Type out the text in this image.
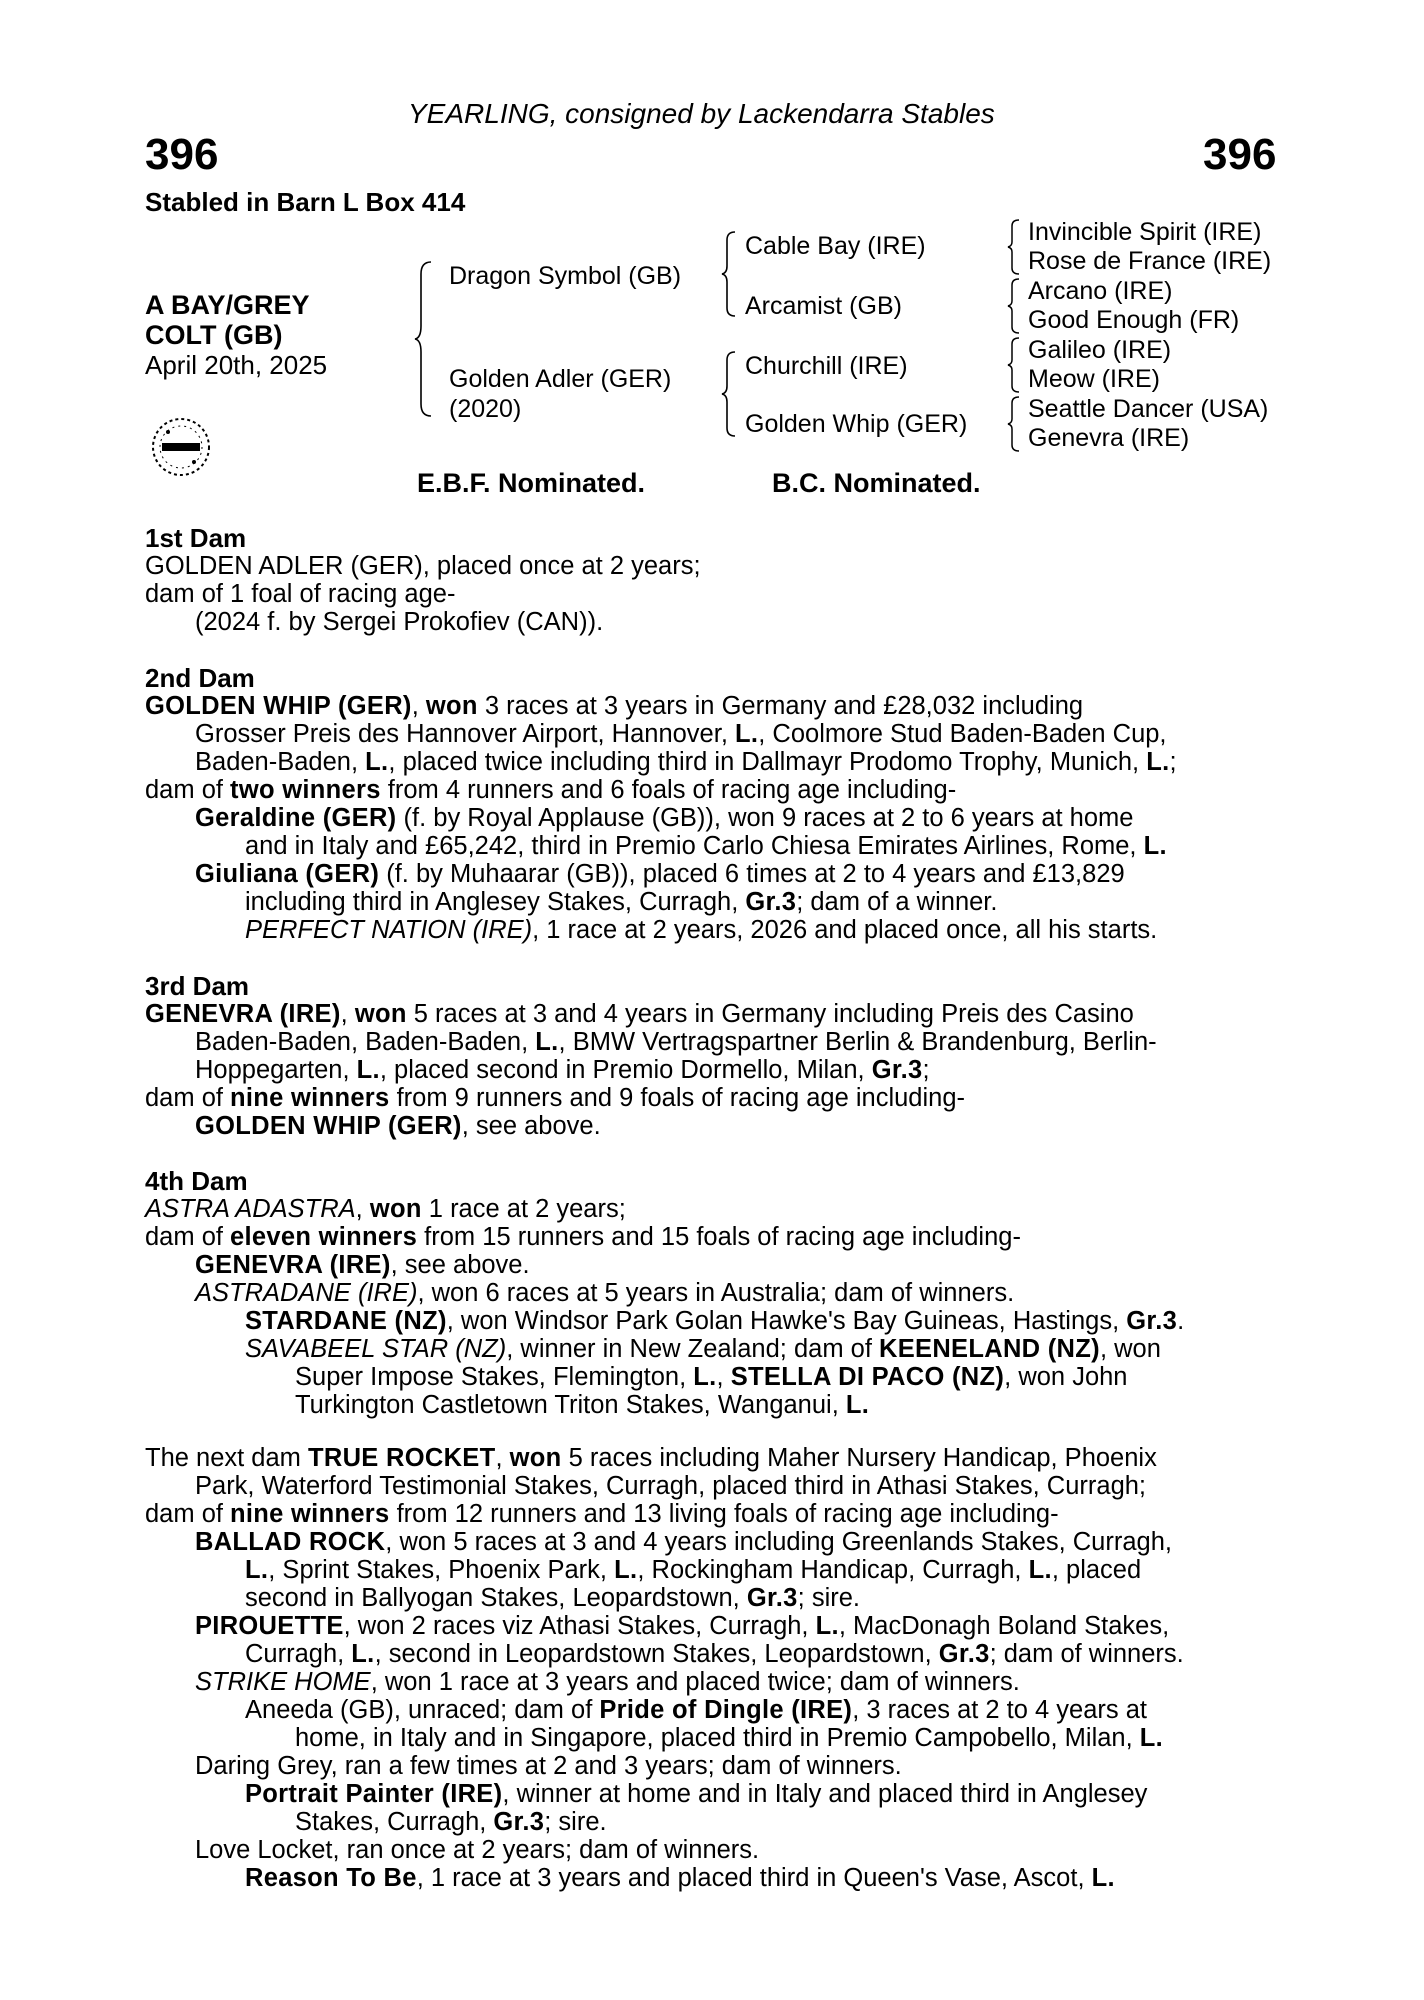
YEARLING, consigned by Lackendarra Stables
396	396
Stabled in Barn L Box 414
A BAY/GREY
COLT (GB)
April 20th, 2025
Dragon Symbol (GB)
Golden Adler (GER)
(2020)
Cable Bay (IRE)
Arcamist (GB)
Churchill (IRE)
Golden Whip (GER)
Invincible Spirit (IRE)
Rose de France (IRE)
Arcano (IRE)
Good Enough (FR)
Galileo (IRE)
Meow (IRE)
Seattle Dancer (USA)
Genevra (IRE)
E.B.F. Nominated.	B.C. Nominated.
1st Dam
GOLDEN ADLER (GER), placed once at 2 years;
dam of 1 foal of racing age-
(2024 f. by Sergei Prokofiev (CAN)).
2nd Dam
GOLDEN WHIP (GER), won 3 races at 3 years in Germany and £28,032 including
Grosser Preis des Hannover Airport, Hannover, L., Coolmore Stud Baden-Baden Cup,
Baden-Baden, L., placed twice including third in Dallmayr Prodomo Trophy, Munich, L.;
dam of two winners from 4 runners and 6 foals of racing age including-
Geraldine (GER) (f. by Royal Applause (GB)), won 9 races at 2 to 6 years at home
and in Italy and £65,242, third in Premio Carlo Chiesa Emirates Airlines, Rome, L.
Giuliana (GER) (f. by Muhaarar (GB)), placed 6 times at 2 to 4 years and £13,829
including third in Anglesey Stakes, Curragh, Gr.3; dam of a winner.
PERFECT NATION (IRE), 1 race at 2 years, 2026 and placed once, all his starts.
3rd Dam
GENEVRA (IRE), won 5 races at 3 and 4 years in Germany including Preis des Casino
Baden-Baden, Baden-Baden, L., BMW Vertragspartner Berlin & Brandenburg, Berlin-
Hoppegarten, L., placed second in Premio Dormello, Milan, Gr.3;
dam of nine winners from 9 runners and 9 foals of racing age including-
GOLDEN WHIP (GER), see above.
4th Dam
ASTRA ADASTRA, won 1 race at 2 years;
dam of eleven winners from 15 runners and 15 foals of racing age including-
GENEVRA (IRE), see above.
ASTRADANE (IRE), won 6 races at 5 years in Australia; dam of winners.
STARDANE (NZ), won Windsor Park Golan Hawke's Bay Guineas, Hastings, Gr.3.
SAVABEEL STAR (NZ), winner in New Zealand; dam of KEENELAND (NZ), won
Super Impose Stakes, Flemington, L., STELLA DI PACO (NZ), won John
Turkington Castletown Triton Stakes, Wanganui, L.
The next dam TRUE ROCKET, won 5 races including Maher Nursery Handicap, Phoenix
Park, Waterford Testimonial Stakes, Curragh, placed third in Athasi Stakes, Curragh;
dam of nine winners from 12 runners and 13 living foals of racing age including-
BALLAD ROCK, won 5 races at 3 and 4 years including Greenlands Stakes, Curragh,
L., Sprint Stakes, Phoenix Park, L., Rockingham Handicap, Curragh, L., placed
second in Ballyogan Stakes, Leopardstown, Gr.3; sire.
PIROUETTE, won 2 races viz Athasi Stakes, Curragh, L., MacDonagh Boland Stakes,
Curragh, L., second in Leopardstown Stakes, Leopardstown, Gr.3; dam of winners.
STRIKE HOME, won 1 race at 3 years and placed twice; dam of winners.
Aneeda (GB), unraced; dam of Pride of Dingle (IRE), 3 races at 2 to 4 years at
home, in Italy and in Singapore, placed third in Premio Campobello, Milan, L.
Daring Grey, ran a few times at 2 and 3 years; dam of winners.
Portrait Painter (IRE), winner at home and in Italy and placed third in Anglesey
Stakes, Curragh, Gr.3; sire.
Love Locket, ran once at 2 years; dam of winners.
Reason To Be, 1 race at 3 years and placed third in Queen's Vase, Ascot, L.
